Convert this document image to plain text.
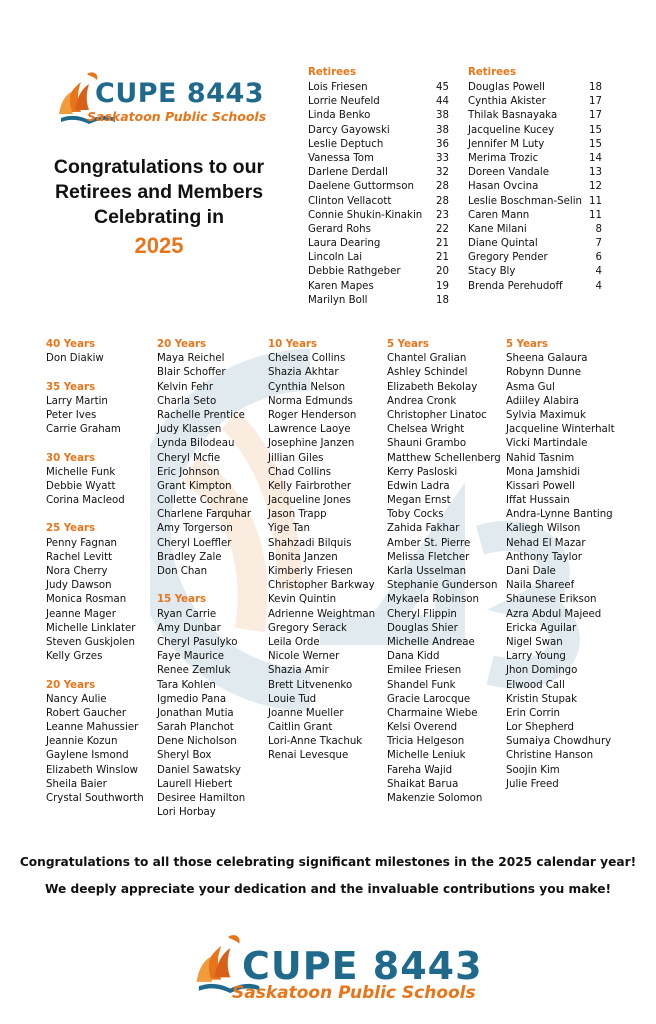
CUPE 8443
Saskatoon Public Schools
Congratulations to our
Retirees and Members
Celebrating in
2025
Retirees
Lois Friesen	45
Lorrie Neufeld	44
Linda Benko	38
Darcy Gayowski	38
Leslie Deptuch	36
Vanessa Tom	33
Darlene Derdall	32
Daelene Guttormson 28
Clinton Vellacott	28
Connie Shukin-Kinakin 23
Gerard Rohs	22
Laura Dearing	21
Lincoln Lai	21
Debbie Rathgeber	20
Karen Mapes	19
Marilyn Boll	18
Retirees
Douglas Powell	18
Cynthia Akister	17
Thilak Basnayaka	17
Jacqueline Kucey	15
Jennifer M Luty	15
Merima Trozic	14
Doreen Vandale	13
Hasan Ovcina	12
Leslie Boschman-Selin 11
Caren Mann	11
Kane Milani	8
Diane Quintal	7
Gregory Pender	6
Stacy Bly	4
Brenda Perehudoff	4
40 Years
Don Diakiw
35 Years
Larry Martin
Peter Ives
Carrie Graham
30 Years
Michelle Funk
Debbie Wyatt
Corina Macleod
25 Years
Penny Fagnan
Rachel Levitt
Nora Cherry
Judy Dawson
Monica Rosman
Jeanne Mager
Michelle Linklater
Steven Guskjolen
Kelly Grzes
20 Years
Nancy Aulie
Robert Gaucher
Leanne Mahussier
Jeannie Kozun
Gaylene Ismond
Elizabeth Winslow
Sheila Baier
Crystal Southworth
20 Years
Maya Reichel
Blair Schoffer
Kelvin Fehr
Charla Seto
Rachelle Prentice
Judy Klassen
Lynda Bilodeau
Cheryl Mcfie
Eric Johnson
Grant Kimpton
Collette Cochrane
Charlene Farquhar
Amy Torgerson
Cheryl Loeffler
Bradley Zale
Don Chan
15 Years
Ryan Carrie
Amy Dunbar
Cheryl Pasulyko
Faye Maurice
Renee Zemluk
Tara Kohlen
Igmedio Pana
Jonathan Mutia
Sarah Planchot
Dene Nicholson
Sheryl Box
Daniel Sawatsky
Laurell Hiebert
Desiree Hamilton
Lori Horbay
10 Years
Chelsea Collins
Shazia Akhtar
Cynthia Nelson
Norma Edmunds
Roger Henderson
Lawrence Laoye
Josephine Janzen
Jillian Giles
Chad Collins
Kelly Fairbrother
Jacqueline Jones
Jason Trapp
Yige Tan
Shahzadi Bilquis
Bonita Janzen
Kimberly Friesen
Christopher Barkway
Kevin Quintin
Adrienne Weightman
Gregory Serack
Leila Orde
Nicole Werner
Shazia Amir
Brett Litvenenko
Louie Tud
Joanne Mueller
Caitlin Grant
Lori-Anne Tkachuk
Renai Levesque
5 Years
Chantel Gralian
Ashley Schindel
Elizabeth Bekolay
Andrea Cronk
Christopher Linatoc
Chelsea Wright
Shauni Grambo
Matthew Schellenberg
Kerry Pasloski
Edwin Ladra
Megan Ernst
Toby Cocks
Zahida Fakhar
Amber St. Pierre
Melissa Fletcher
Karla Usselman
Stephanie Gunderson
Mykaela Robinson
Cheryl Flippin
Douglas Shier
Michelle Andreae
Dana Kidd
Emilee Friesen
Shandel Funk
Gracie Larocque
Charmaine Wiebe
Kelsi Overend
Tricia Helgeson
Michelle Leniuk
Fareha Wajid
Shaikat Barua
Makenzie Solomon
5 Years
Sheena Galaura
Robynn Dunne
Asma Gul
Adiiley Alabira
Sylvia Maximuk
Jacqueline Winterhalt
Vicki Martindale
Nahid Tasnim
Mona Jamshidi
Kissari Powell
Iffat Hussain
Andra-Lynne Banting
Kaliegh Wilson
Nehad El Mazar
Anthony Taylor
Dani Dale
Naila Shareef
Shaunese Erikson
Azra Abdul Majeed
Ericka Aguilar
Nigel Swan
Larry Young
Jhon Domingo
Elwood Call
Kristin Stupak
Erin Corrin
Lor Shepherd
Sumaiya Chowdhury
Christine Hanson
Soojin Kim
Julie Freed
Congratulations to all those celebrating significant milestones in the 2025 calendar year!
We deeply appreciate your dedication and the invaluable contributions you make!
CUPE 8443
Saskatoon Public Schools
